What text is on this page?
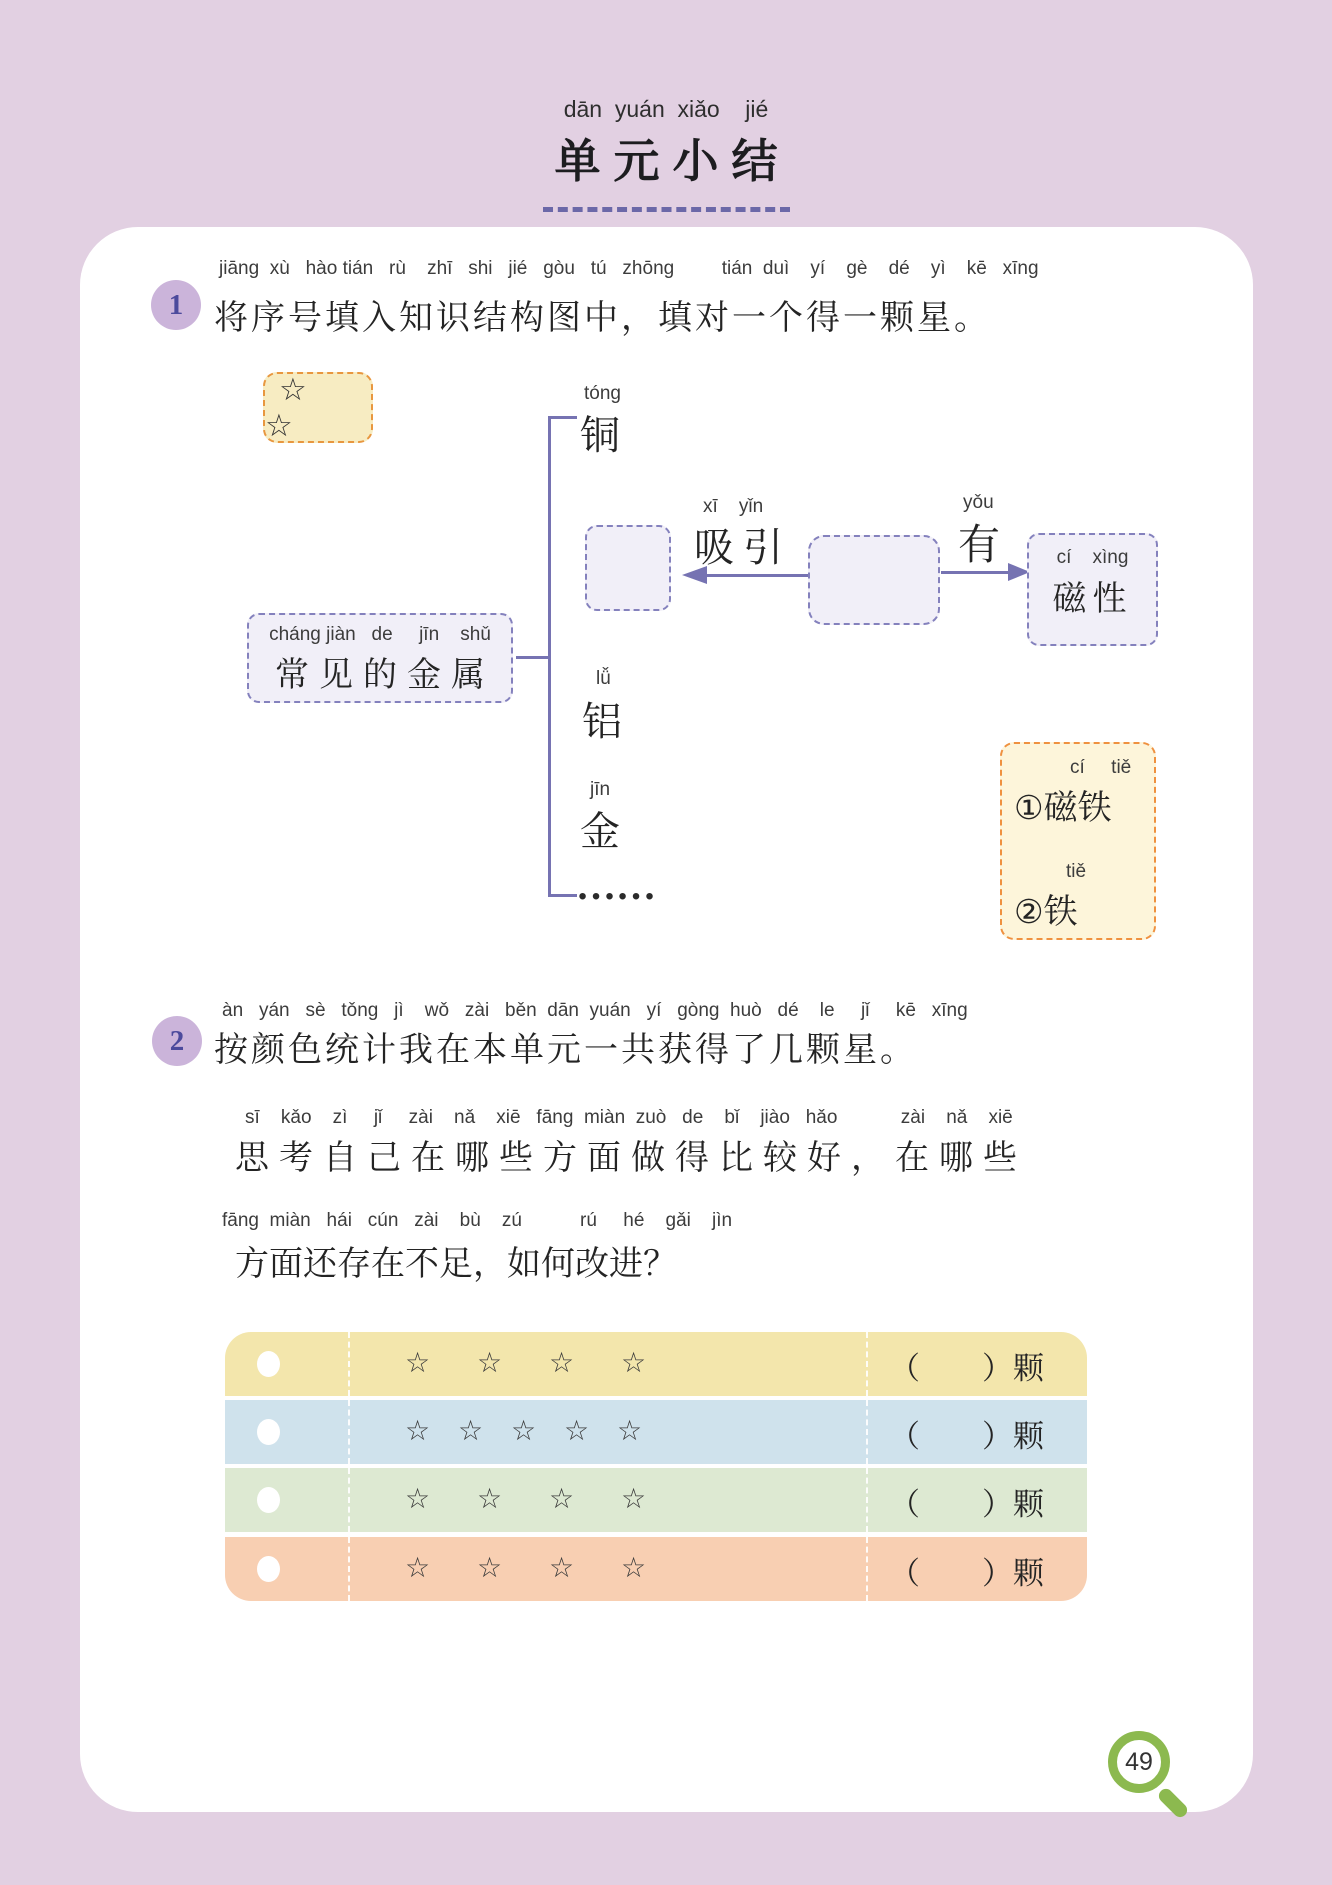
dān  yuán  xiǎo    jié
单元小结
1
jiāng  xù   hào tián   rù    zhī   shi   jié   gòu   tú   zhōng         tián  duì    yí    gè    dé    yì    kē   xīng
将序号填入知识结构图中，填对一个得一颗星。
☆ ☆
cháng jiàn   de     jīn    shǔ
常见的金属
tóng
铜
lǚ
铝
jīn
金
……
xī    yǐn
吸引
yǒu
有	cí    xìng
磁性
cí     tiě
①磁铁
tiě
②铁
2
àn   yán   sè   tǒng   jì    wǒ   zài   běn  dān  yuán   yí   gòng  huò   dé    le     jǐ     kē   xīng
按颜色统计我在本单元一共获得了几颗星。
sī    kǎo    zì     jǐ     zài    nǎ    xiē   fāng  miàn  zuò   de    bǐ    jiào   hǎo            zài    nǎ    xiē
思考自己在哪些方面做得比较好，在哪些
fāng  miàn   hái   cún   zài    bù    zú           rú     hé    gǎi    jìn
方面还存在不足，如何改进？
☆ ☆ ☆ ☆	（　　）颗
☆ ☆ ☆ ☆ ☆	（　　）颗
☆ ☆ ☆ ☆	（　　）颗
☆ ☆ ☆ ☆	（　　）颗
49
